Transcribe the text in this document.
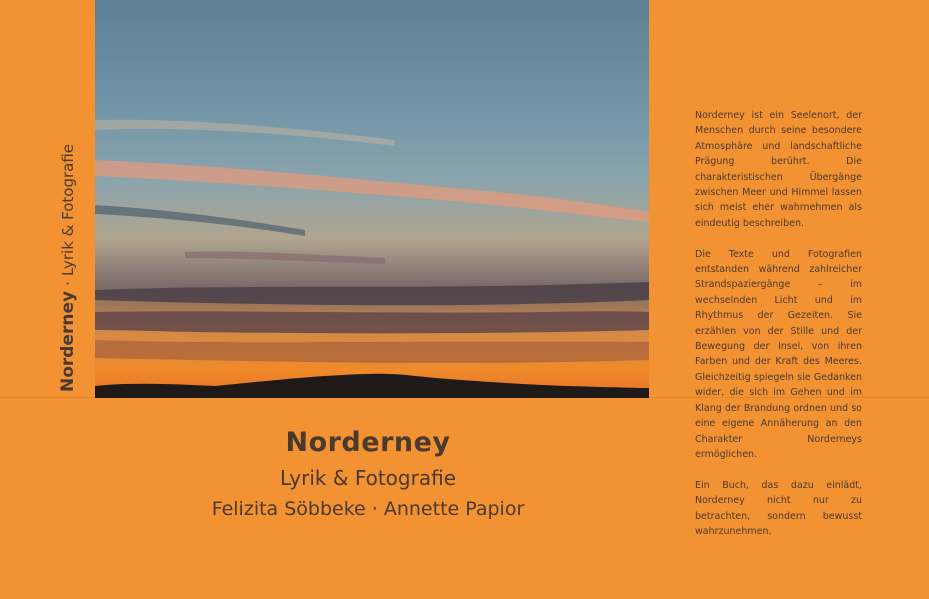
Norderney · Lyrik & Fotografie
Norderney
Lyrik & Fotografie
Felizita Söbbeke · Annette Papior

Norderney ist ein Seelenort, der Menschen durch seine besondere Atmosphäre und landschaftliche Prägung berührt. Die charakteristischen Übergänge zwischen Meer und Himmel lassen sich meist eher wahrnehmen als eindeutig beschreiben.

Die Texte und Fotografien entstanden während zahlreicher Strandspaziergänge – im wechselnden Licht und im Rhythmus der Gezeiten. Sie erzählen von der Stille und der Bewegung der Insel, von ihren Farben und der Kraft des Meeres. Gleichzeitig spiegeln sie Gedanken wider, die sich im Gehen und im Klang der Brandung ordnen und so eine eigene Annäherung an den Charakter Norderneys ermöglichen.

Ein Buch, das dazu einlädt, Norderney nicht nur zu betrachten, sondern bewusst wahrzunehmen.
